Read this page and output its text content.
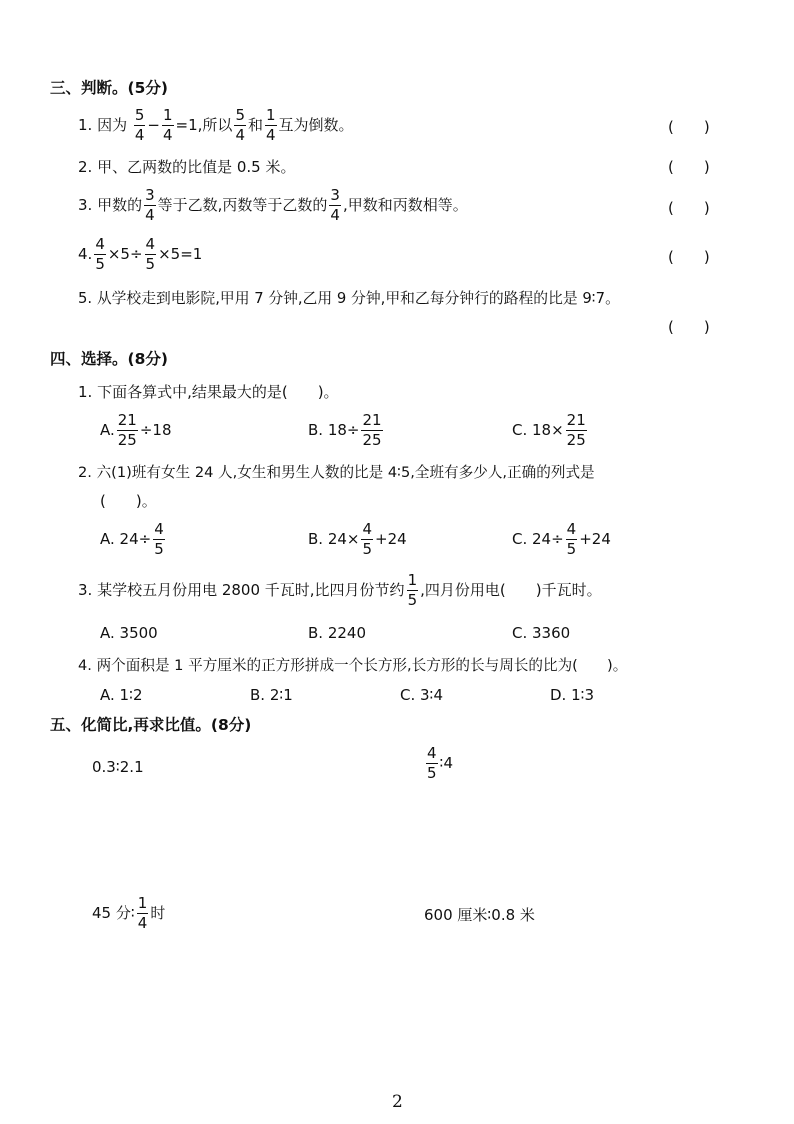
三、判断。(5分)
1. 因为 $\frac{5}{4} - \frac{1}{4} =1$,所以 $\frac{5}{4}$ 和 $\frac{1}{4}$ 互为倒数。	(　　)
2. 甲、乙两数的比值是 0.5 米。	(　　)
3. 甲数的 $\frac{3}{4}$ 等于乙数,丙数等于乙数的 $\frac{3}{4}$ ,甲数和丙数相等。	(　　)
4. $\frac{4}{5} \times 5\div \frac{4}{5} \times 5=1$	(　　)
5. 从学校走到电影院,甲用 7 分钟,乙用 9 分钟,甲和乙每分钟行的路程的比是 9∶7。
(　　)
四、选择。(8分)
1. 下面各算式中,结果最大的是(　　)。
A. $\frac{21}{25} \div 18$	B. $18\div \frac{21}{25}$	C. $18\times \frac{21}{25}$
2. 六(1)班有女生 24 人,女生和男生人数的比是 4∶5,全班有多少人,正确的列式是
(　　)。
A. $24\div \frac{4}{5}$	B. $24\times \frac{4}{5} +24$	C. $24\div \frac{4}{5} +24$
3. 某学校五月份用电 2800 千瓦时,比四月份节约 $\frac{1}{5}$ ,四月份用电(　　)千瓦时。
A. 3500	B. 2240	C. 3360
4. 两个面积是 1 平方厘米的正方形拼成一个长方形,长方形的长与周长的比为(　　)。
A. 1∶2	B. 2∶1	C. 3∶4	D. 1∶3
五、化简比,再求比值。(8分)
0.3∶2.1	$\frac{4}{5}$ ∶4
45 分∶ $\frac{1}{4}$ 时	600 厘米∶0.8 米
2
